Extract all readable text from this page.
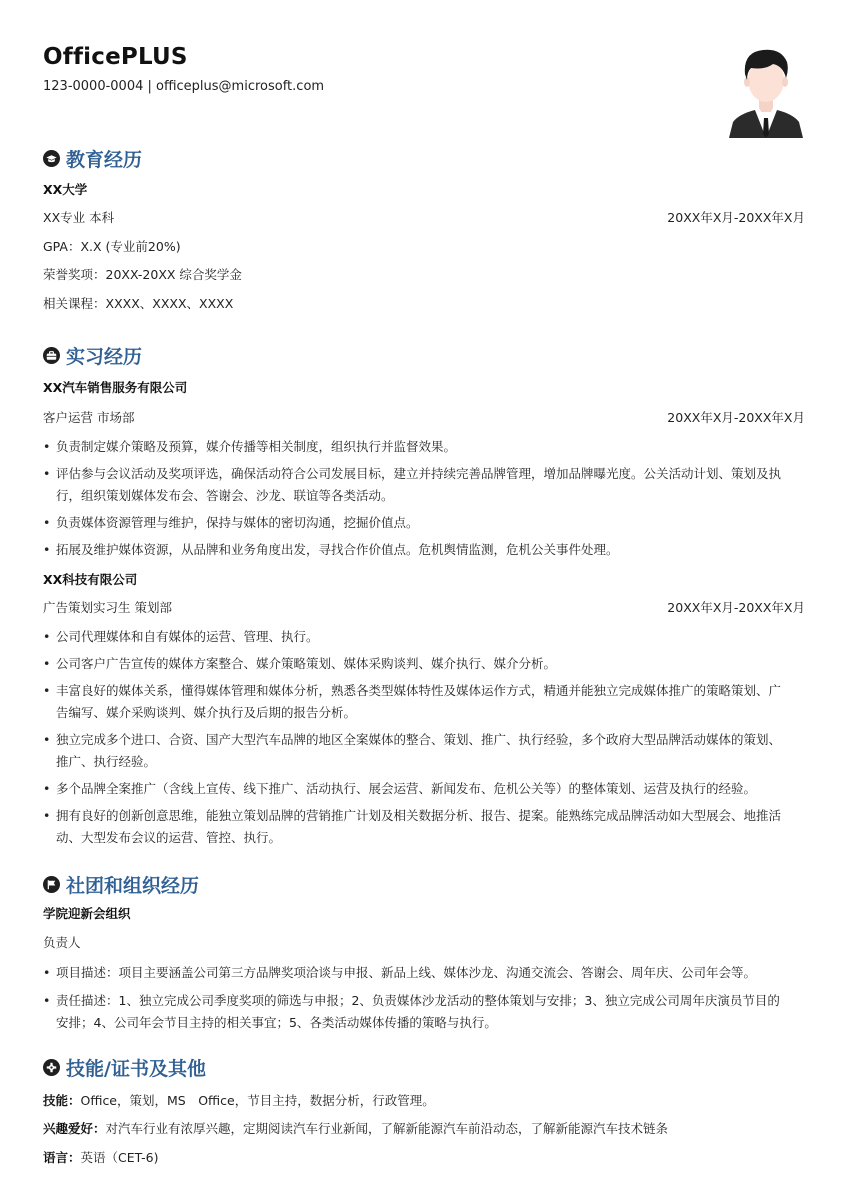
OfficePLUS
123-0000-0004 | officeplus@microsoft.com
教育经历
XX大学
XX专业 本科	20XX年X月-20XX年X月
GPA：X.X (专业前20%)
荣誉奖项：20XX-20XX 综合奖学金
相关课程：XXXX、XXXX、XXXX
实习经历
XX汽车销售服务有限公司
客户运营 市场部	20XX年X月-20XX年X月
• 负责制定媒介策略及预算，媒介传播等相关制度，组织执行并监督效果。
• 评估参与会议活动及奖项评选，确保活动符合公司发展目标，建立并持续完善品牌管理，增加品牌曝光度。公关活动计划、策划及执
行，组织策划媒体发布会、答谢会、沙龙、联谊等各类活动。
• 负责媒体资源管理与维护，保持与媒体的密切沟通，挖掘价值点。
• 拓展及维护媒体资源，从品牌和业务角度出发，寻找合作价值点。危机舆情监测，危机公关事件处理。
XX科技有限公司
广告策划实习生 策划部	20XX年X月-20XX年X月
• 公司代理媒体和自有媒体的运营、管理、执行。
• 公司客户广告宣传的媒体方案整合、媒介策略策划、媒体采购谈判、媒介执行、媒介分析。
• 丰富良好的媒体关系，懂得媒体管理和媒体分析，熟悉各类型媒体特性及媒体运作方式，精通并能独立完成媒体推广的策略策划、广
告编写、媒介采购谈判、媒介执行及后期的报告分析。
• 独立完成多个进口、合资、国产大型汽车品牌的地区全案媒体的整合、策划、推广、执行经验，多个政府大型品牌活动媒体的策划、
推广、执行经验。
• 多个品牌全案推广（含线上宣传、线下推广、活动执行、展会运营、新闻发布、危机公关等）的整体策划、运营及执行的经验。
• 拥有良好的创新创意思维，能独立策划品牌的营销推广计划及相关数据分析、报告、提案。能熟练完成品牌活动如大型展会、地推活
动、大型发布会议的运营、管控、执行。
社团和组织经历
学院迎新会组织
负责人
• 项目描述：项目主要涵盖公司第三方品牌奖项洽谈与申报、新品上线、媒体沙龙、沟通交流会、答谢会、周年庆、公司年会等。
• 责任描述：1、独立完成公司季度奖项的筛选与申报；2、负责媒体沙龙活动的整体策划与安排；3、独立完成公司周年庆演员节目的
安排；4、公司年会节目主持的相关事宜；5、各类活动媒体传播的策略与执行。
技能/证书及其他
技能：Office，策划，MS　Office，节目主持，数据分析，行政管理。
兴趣爱好：对汽车行业有浓厚兴趣，定期阅读汽车行业新闻，了解新能源汽车前沿动态，了解新能源汽车技术链条
语言：英语（CET-6)
